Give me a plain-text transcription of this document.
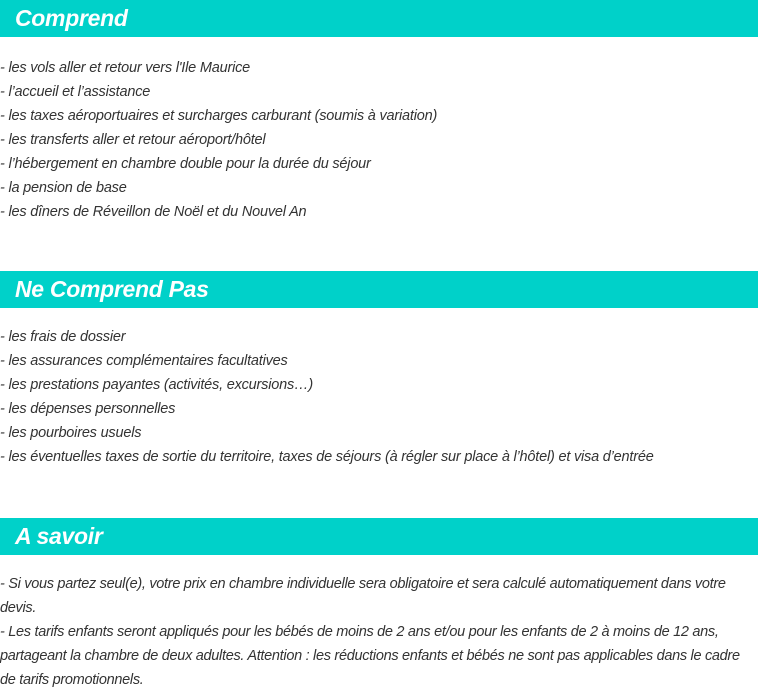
Comprend
- les vols aller et retour vers l'Ile Maurice
- l’accueil et l’assistance
- les taxes aéroportuaires et surcharges carburant (soumis à variation)
- les transferts aller et retour aéroport/hôtel
- l’hébergement en chambre double pour la durée du séjour
- la pension de base
- les dîners de Réveillon de Noël et du Nouvel An
Ne Comprend Pas
- les frais de dossier
- les assurances complémentaires facultatives
- les prestations payantes (activités, excursions…)
- les dépenses personnelles
- les pourboires usuels
- les éventuelles taxes de sortie du territoire, taxes de séjours (à régler sur place à l’hôtel) et visa d’entrée
A savoir
- Si vous partez seul(e), votre prix en chambre individuelle sera obligatoire et sera calculé automatiquement dans votre devis.
- Les tarifs enfants seront appliqués pour les bébés de moins de 2 ans et/ou pour les enfants de 2 à moins de 12 ans, partageant la chambre de deux adultes. Attention : les réductions enfants et bébés ne sont pas applicables dans le cadre de tarifs promotionnels.
